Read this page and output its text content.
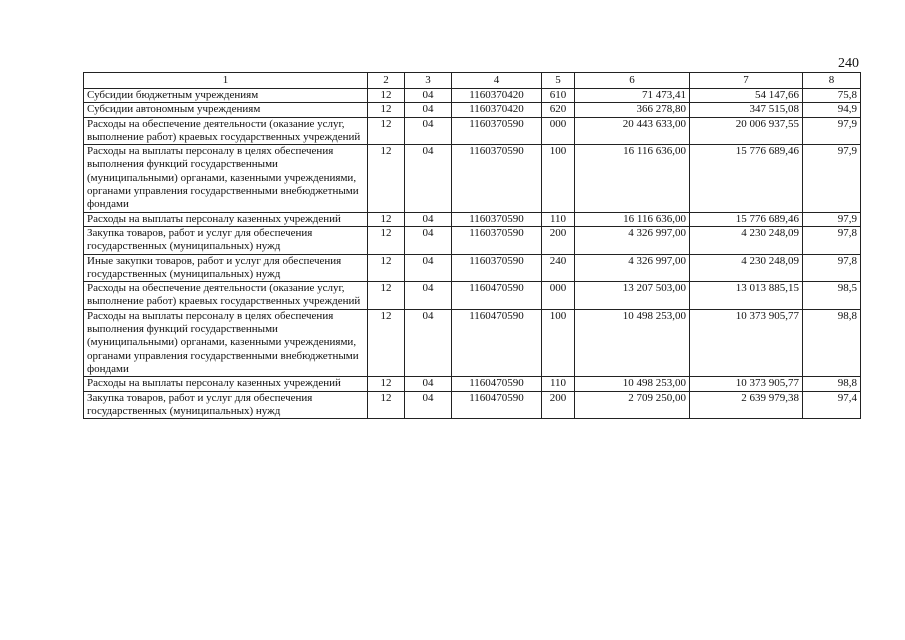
240
1	2	3	4	5	6	7	8
Субсидии бюджетным учреждениям	12	04	1160370420	610	71 473,41	54 147,66	75,8
Субсидии автономным учреждениям	12	04	1160370420	620	366 278,80	347 515,08	94,9
Расходы на обеспечение деятельности (оказание услуг, выполнение работ) краевых государственных учреждений	12	04	1160370590	000	20 443 633,00	20 006 937,55	97,9
Расходы на выплаты персоналу в целях обеспечения выполнения функций государственными (муниципальными) органами, казенными учреждениями, органами управления государственными внебюджетными фондами	12	04	1160370590	100	16 116 636,00	15 776 689,46	97,9
Расходы на выплаты персоналу казенных учреждений	12	04	1160370590	110	16 116 636,00	15 776 689,46	97,9
Закупка товаров, работ и услуг для обеспечения государственных (муниципальных) нужд	12	04	1160370590	200	4 326 997,00	4 230 248,09	97,8
Иные закупки товаров, работ и услуг для обеспечения государственных (муниципальных) нужд	12	04	1160370590	240	4 326 997,00	4 230 248,09	97,8
Расходы на обеспечение деятельности (оказание услуг, выполнение работ) краевых государственных учреждений	12	04	1160470590	000	13 207 503,00	13 013 885,15	98,5
Расходы на выплаты персоналу в целях обеспечения выполнения функций государственными (муниципальными) органами, казенными учреждениями, органами управления государственными внебюджетными фондами	12	04	1160470590	100	10 498 253,00	10 373 905,77	98,8
Расходы на выплаты персоналу казенных учреждений	12	04	1160470590	110	10 498 253,00	10 373 905,77	98,8
Закупка товаров, работ и услуг для обеспечения государственных (муниципальных) нужд	12	04	1160470590	200	2 709 250,00	2 639 979,38	97,4
